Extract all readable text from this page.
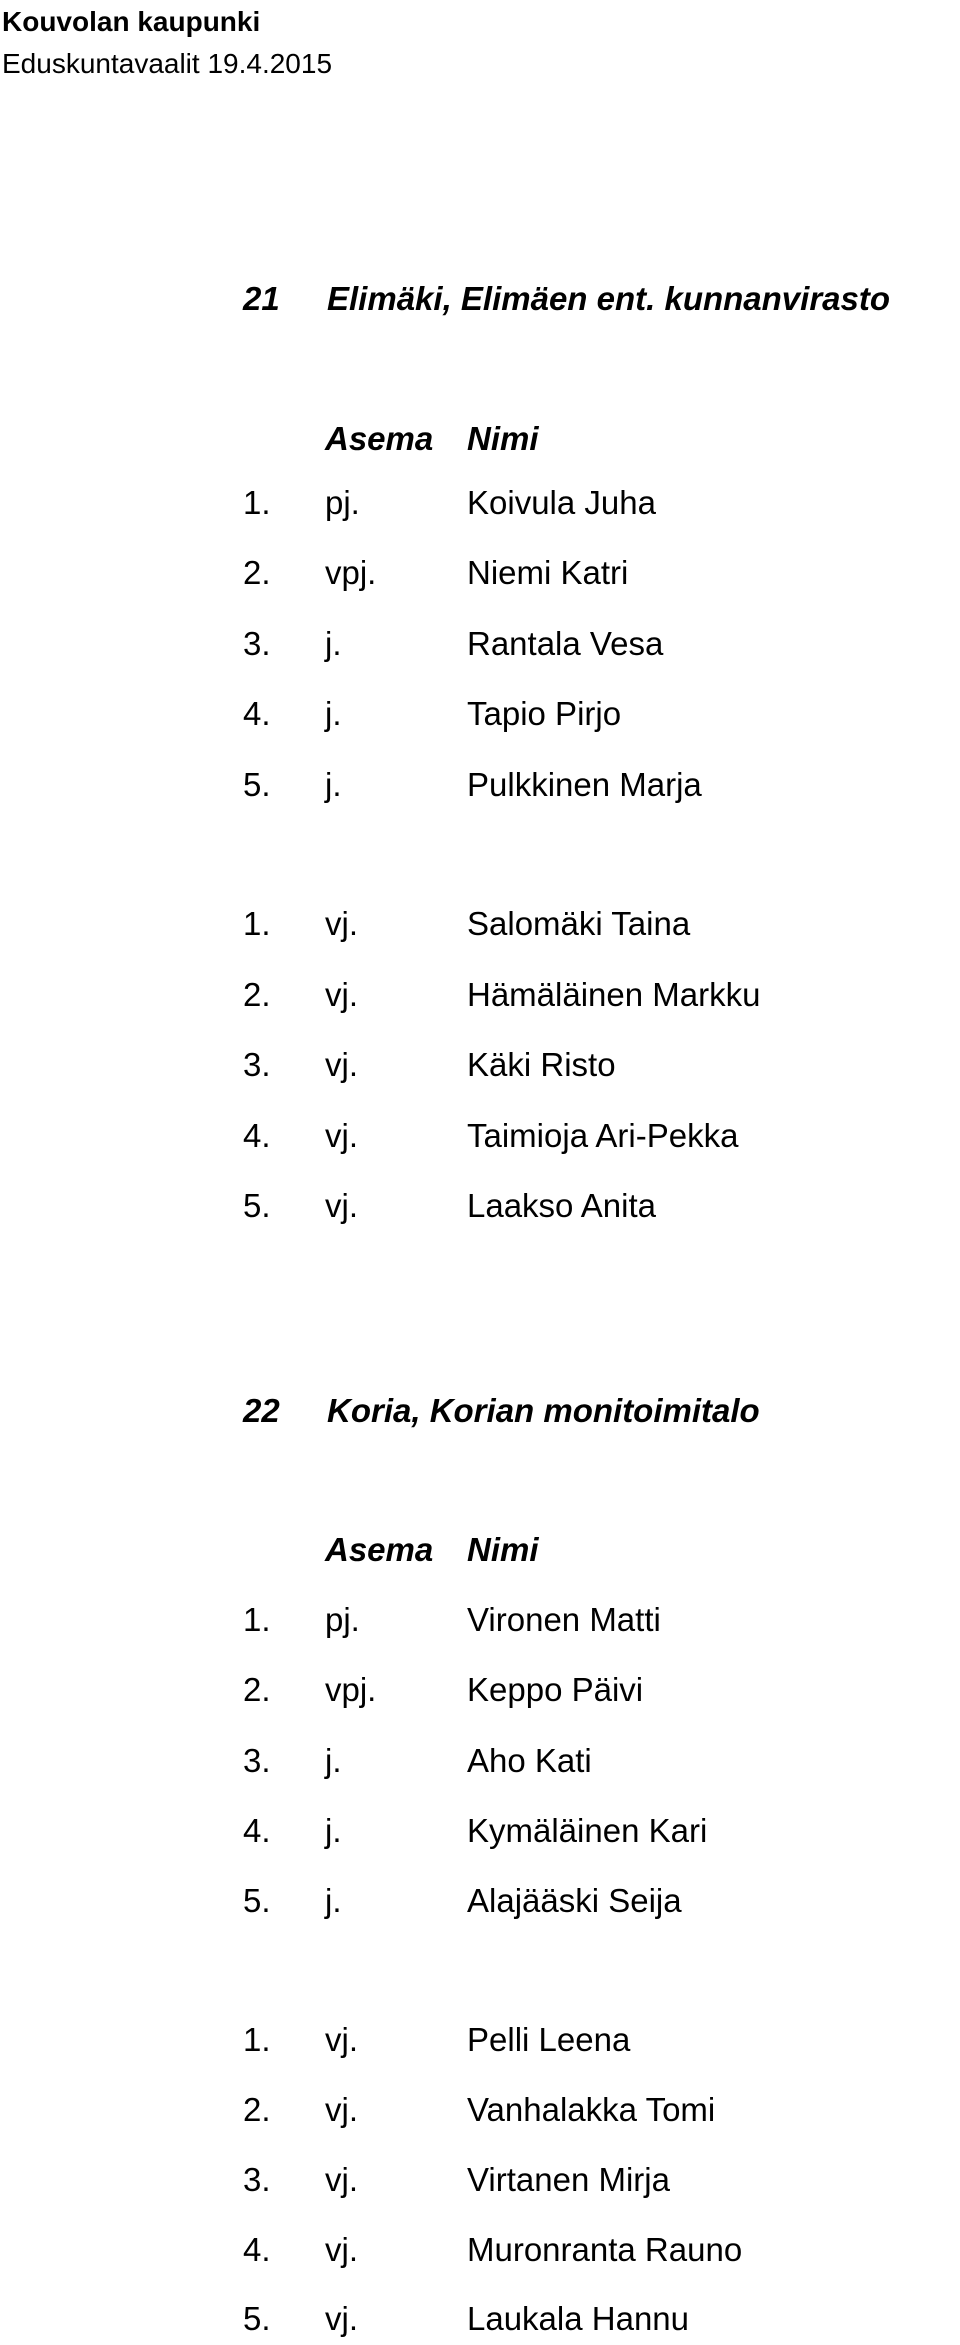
Kouvolan kaupunki
Eduskuntavaalit 19.4.2015
21 Elimäki, Elimäen ent. kunnanvirasto
Asema Nimi
1. pj.	Koivula Juha
2. vpj.	Niemi Katri
3. j.	Rantala Vesa
4. j.	Tapio Pirjo
5. j.	Pulkkinen Marja
1. vj.	Salomäki Taina
2. vj.	Hämäläinen Markku
3. vj.	Käki Risto
4. vj.	Taimioja Ari-Pekka
5. vj.	Laakso Anita
22 Koria, Korian monitoimitalo
Asema Nimi
1. pj.	Vironen Matti
2. vpj.	Keppo Päivi
3. j.	Aho Kati
4. j.	Kymäläinen Kari
5. j.	Alajääski Seija
1. vj.	Pelli Leena
2. vj.	Vanhalakka Tomi
3. vj.	Virtanen Mirja
4. vj.	Muronranta Rauno
5. vj.	Laukala Hannu
